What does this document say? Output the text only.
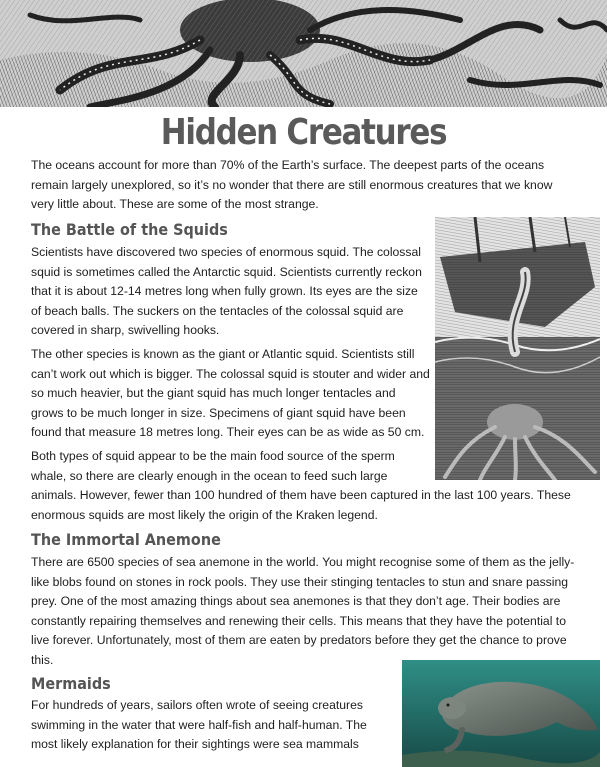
Hidden Creatures

The oceans account for more than 70% of the Earth’s surface. The deepest parts of the oceans remain largely unexplored, so it’s no wonder that there are still enormous creatures that we know very little about. These are some of the most strange.

The Battle of the Squids

Scientists have discovered two species of enormous squid. The colossal squid is sometimes called the Antarctic squid. Scientists currently reckon that it is about 12-14 metres long when fully grown. Its eyes are the size of beach balls. The suckers on the tentacles of the colossal squid are covered in sharp, swivelling hooks.

The other species is known as the giant or Atlantic squid. Scientists still can’t work out which is bigger. The colossal squid is stouter and wider and so much heavier, but the giant squid has much longer tentacles and grows to be much longer in size. Specimens of giant squid have been found that measure 18 metres long. Their eyes can be as wide as 50 cm.

Both types of squid appear to be the main food source of the sperm whale, so there are clearly enough in the ocean to feed such large

animals. However, fewer than 100 hundred of them have been captured in the last 100 years. These enormous squids are most likely the origin of the Kraken legend.

The Immortal Anemone

There are 6500 species of sea anemone in the world. You might recognise some of them as the jelly-like blobs found on stones in rock pools. They use their stinging tentacles to stun and snare passing prey. One of the most amazing things about sea anemones is that they don’t age. Their bodies are constantly repairing themselves and renewing their cells. This means that they have the potential to live forever. Unfortunately, most of them are eaten by predators before they get the chance to prove this.

Mermaids

For hundreds of years, sailors often wrote of seeing creatures swimming in the water that were half-fish and half-human. The most likely explanation for their sightings were sea mammals
